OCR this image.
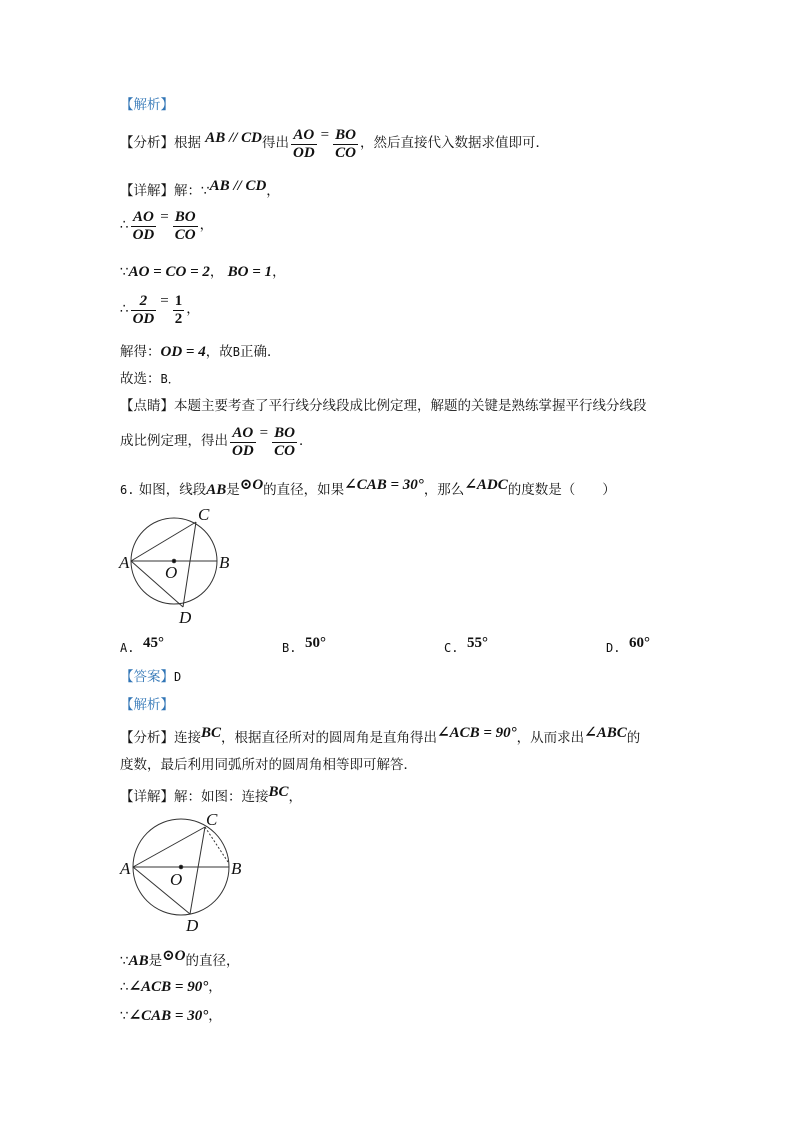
【解析】
【分析】根据 AB // CD得出 $\frac{AO}{OD} = \frac{BO}{CO}$ ，然后直接代入数据求值即可．
【详解】解：∵AB // CD，
∴ $\frac{AO}{OD} = \frac{BO}{CO}$ ，
∵AO = CO = 2， BO = 1，
∴ $\frac{2}{OD} = \frac{1}{2}$ ，
解得：OD = 4，故B正确．
故选：B．
【点睛】本题主要考查了平行线分线段成比例定理，解题的关键是熟练掌握平行线分线段
成比例定理，得出 $\frac{AO}{OD} = \frac{BO}{CO}$ ．
6. 如图，线段AB是⊙O的直径，如果∠CAB = 30°，那么∠ADC的度数是（　　）
A	B
C
D
O
A. 45°	B. 50°	C. 55°	D. 60°
【答案】D
【解析】
【分析】连接BC，根据直径所对的圆周角是直角得出∠ACB = 90°，从而求出∠ABC的
度数，最后利用同弧所对的圆周角相等即可解答．
【详解】解：如图：连接BC，
A	B
C
D
O
∵AB是⊙O的直径，
∴∠ACB = 90°，
∵∠CAB = 30°，
